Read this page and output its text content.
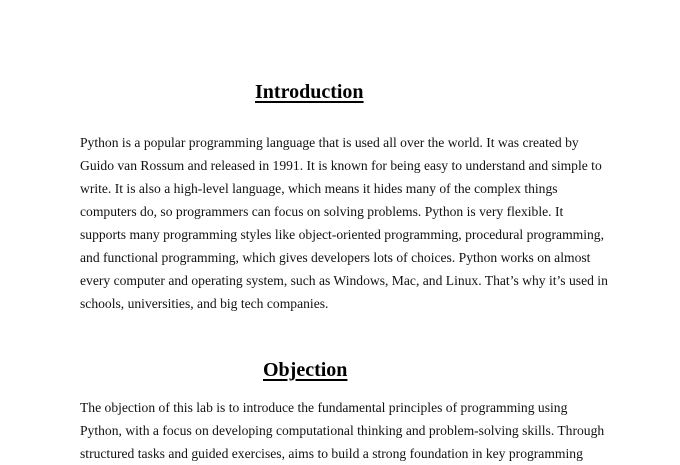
Introduction

Python is a popular programming language that is used all over the world. It was created by
Guido van Rossum and released in 1991. It is known for being easy to understand and simple to
write. It is also a high-level language, which means it hides many of the complex things
computers do, so programmers can focus on solving problems. Python is very flexible. It
supports many programming styles like object-oriented programming, procedural programming,
and functional programming, which gives developers lots of choices. Python works on almost
every computer and operating system, such as Windows, Mac, and Linux. That’s why it’s used in
schools, universities, and big tech companies.

Objection

The objection of this lab is to introduce the fundamental principles of programming using
Python, with a focus on developing computational thinking and problem-solving skills. Through
structured tasks and guided exercises, aims to build a strong foundation in key programming
